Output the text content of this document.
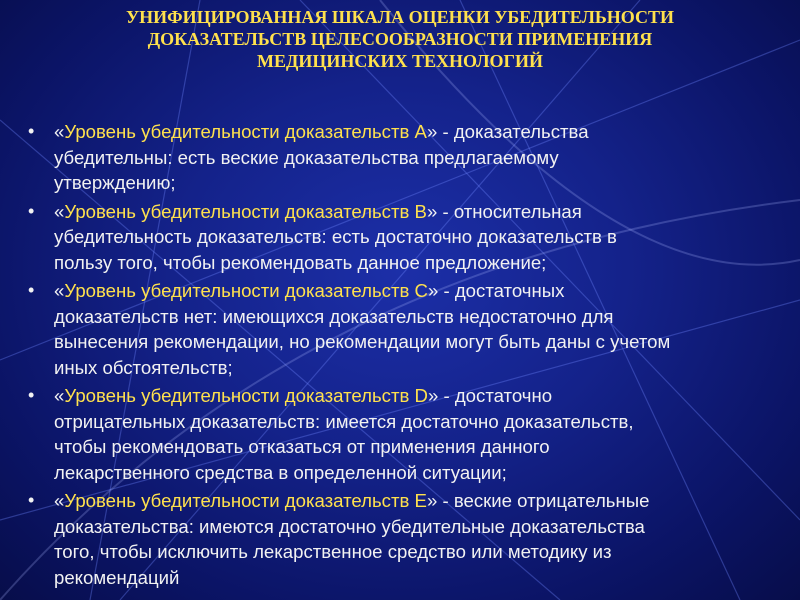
УНИФИЦИРОВАННАЯ ШКАЛА ОЦЕНКИ УБЕДИТЕЛЬНОСТИ
ДОКАЗАТЕЛЬСТВ ЦЕЛЕСООБРАЗНОСТИ ПРИМЕНЕНИЯ
МЕДИЦИНСКИХ ТЕХНОЛОГИЙ
• «Уровень убедительности доказательств А» - доказательства
убедительны: есть веские доказательства предлагаемому
утверждению;
• «Уровень убедительности доказательств В» - относительная
убедительность доказательств: есть достаточно доказательств в
пользу того, чтобы рекомендовать данное предложение;
• «Уровень убедительности доказательств С» - достаточных
доказательств нет: имеющихся доказательств недостаточно для
вынесения рекомендации, но рекомендации могут быть даны с учетом
иных обстоятельств;
• «Уровень убедительности доказательств D» - достаточно
отрицательных доказательств: имеется достаточно доказательств,
чтобы рекомендовать отказаться от применения данного
лекарственного средства в определенной ситуации;
• «Уровень убедительности доказательств Е» - веские отрицательные
доказательства: имеются достаточно убедительные доказательства
того, чтобы исключить лекарственное средство или методику из
рекомендаций
